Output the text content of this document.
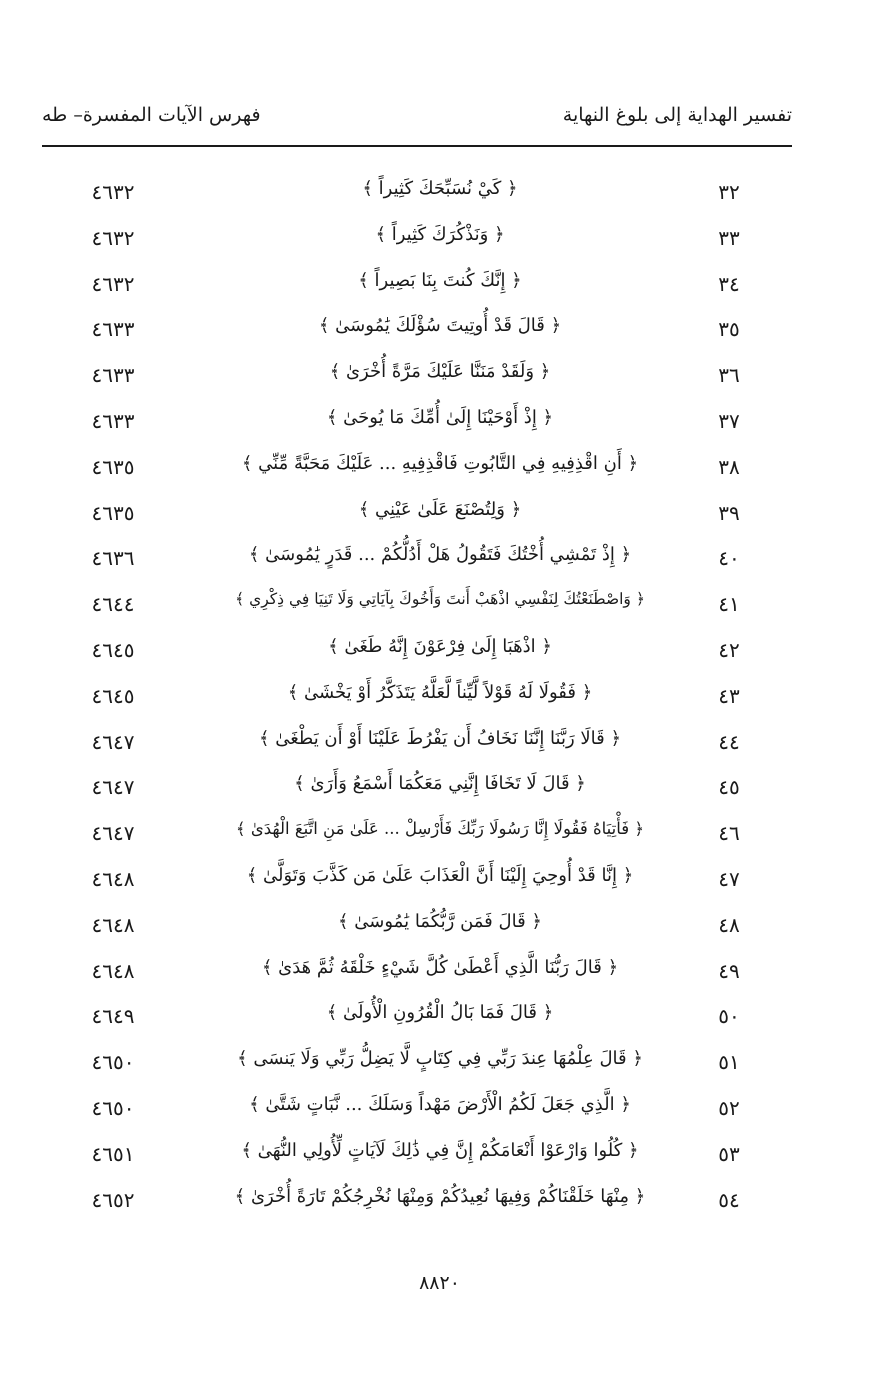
تفسير الهداية إلى بلوغ النهاية
فهرس الآيات المفسرة– طه
٣٢
﴿ كَيْ نُسَبِّحَكَ كَثِيراً ﴾
٤٦٣٢
٣٣
﴿ وَنَذْكُرَكَ كَثِيراً ﴾
٤٦٣٢
٣٤
﴿ إِنَّكَ كُنتَ بِنَا بَصِيراً ﴾
٤٦٣٢
٣٥
﴿ قَالَ قَدْ أُوتِيتَ سُؤْلَكَ يَٰمُوسَىٰ ﴾
٤٦٣٣
٣٦
﴿ وَلَقَدْ مَنَنَّا عَلَيْكَ مَرَّةً أُخْرَىٰ ﴾
٤٦٣٣
٣٧
﴿ إِذْ أَوْحَيْنَا إِلَىٰ أُمِّكَ مَا يُوحَىٰ ﴾
٤٦٣٣
٣٨
﴿ أَنِ اقْذِفِيهِ فِي التَّابُوتِ فَاقْذِفِيهِ ... عَلَيْكَ مَحَبَّةً مِّنِّي ﴾
٤٦٣٥
٣٩
﴿ وَلِتُصْنَعَ عَلَىٰ عَيْنِي ﴾
٤٦٣٥
٤٠
﴿ إِذْ تَمْشِي أُخْتُكَ فَتَقُولُ هَلْ أَدُلُّكُمْ ... قَدَرٍ يَٰمُوسَىٰ ﴾
٤٦٣٦
٤١
﴿ وَاصْطَنَعْتُكَ لِنَفْسِي اذْهَبْ أَنتَ وَأَخُوكَ بِآيَاتِي وَلَا تَنِيَا فِي ذِكْرِي ﴾
٤٦٤٤
٤٢
﴿ اذْهَبَا إِلَىٰ فِرْعَوْنَ إِنَّهُ طَغَىٰ ﴾
٤٦٤٥
٤٣
﴿ فَقُولَا لَهُ قَوْلاً لَّيِّناً لَّعَلَّهُ يَتَذَكَّرُ أَوْ يَخْشَىٰ ﴾
٤٦٤٥
٤٤
﴿ قَالَا رَبَّنَا إِنَّنَا نَخَافُ أَن يَفْرُطَ عَلَيْنَا أَوْ أَن يَطْغَىٰ ﴾
٤٦٤٧
٤٥
﴿ قَالَ لَا تَخَافَا إِنَّنِي مَعَكُمَا أَسْمَعُ وَأَرَىٰ ﴾
٤٦٤٧
٤٦
﴿ فَأْتِيَاهُ فَقُولَا إِنَّا رَسُولَا رَبِّكَ فَأَرْسِلْ ... عَلَىٰ مَنِ اتَّبَعَ الْهُدَىٰ ﴾
٤٦٤٧
٤٧
﴿ إِنَّا قَدْ أُوحِيَ إِلَيْنَا أَنَّ الْعَذَابَ عَلَىٰ مَن كَذَّبَ وَتَوَلَّىٰ ﴾
٤٦٤٨
٤٨
﴿ قَالَ فَمَن رَّبُّكُمَا يَٰمُوسَىٰ ﴾
٤٦٤٨
٤٩
﴿ قَالَ رَبُّنَا الَّذِي أَعْطَىٰ كُلَّ شَيْءٍ خَلْقَهُ ثُمَّ هَدَىٰ ﴾
٤٦٤٨
٥٠
﴿ قَالَ فَمَا بَالُ الْقُرُونِ الْأُولَىٰ ﴾
٤٦٤٩
٥١
﴿ قَالَ عِلْمُهَا عِندَ رَبِّي فِي كِتَابٍ لَّا يَضِلُّ رَبِّي وَلَا يَنسَى ﴾
٤٦٥٠
٥٢
﴿ الَّذِي جَعَلَ لَكُمُ الْأَرْضَ مَهْداً وَسَلَكَ ... نَّبَاتٍ شَتَّىٰ ﴾
٤٦٥٠
٥٣
﴿ كُلُوا وَارْعَوْا أَنْعَامَكُمْ إِنَّ فِي ذَٰلِكَ لَآيَاتٍ لِّأُولِي النُّهَىٰ ﴾
٤٦٥١
٥٤
﴿ مِنْهَا خَلَقْنَاكُمْ وَفِيهَا نُعِيدُكُمْ وَمِنْهَا نُخْرِجُكُمْ تَارَةً أُخْرَىٰ ﴾
٤٦٥٢
٨٨٢٠
